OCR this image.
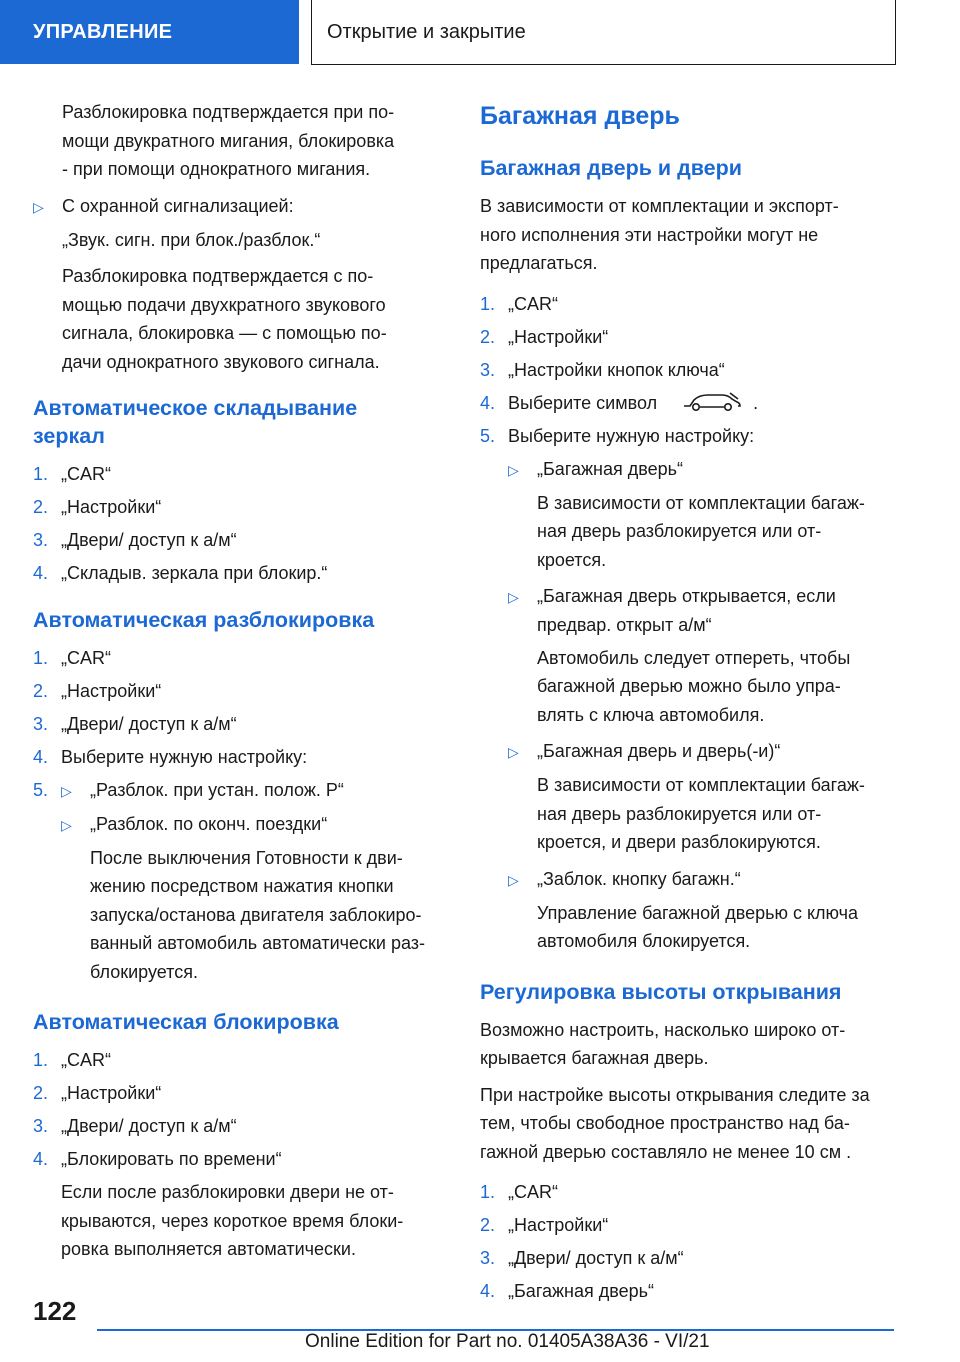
УПРАВЛЕНИЕ	Открытие и закрытие
Разблокировка подтверждается при по-
мощи двукратного мигания, блокировка
- при помощи однократного мигания.
▷	С охранной сигнализацией:
„Звук. сигн. при блок./разблок.“
Разблокировка подтверждается с по-
мощью подачи двухкратного звукового
сигнала, блокировка — с помощью по-
дачи однократного звукового сигнала.
Автоматическое складывание
зеркал
1. „CAR“
2. „Настройки“
3. „Двери/ доступ к а/м“
4. „Складыв. зеркала при блокир.“
Автоматическая разблокировка
1. „CAR“
2. „Настройки“
3. „Двери/ доступ к а/м“
4. Выберите нужную настройку:
5. ▷	„Разблок. при устан. полож. P“
▷	„Разблок. по оконч. поездки“
После выключения Готовности к дви-
жению посредством нажатия кнопки
запуска/останова двигателя заблокиро-
ванный автомобиль автоматически раз-
блокируется.
Автоматическая блокировка
1. „CAR“
2. „Настройки“
3. „Двери/ доступ к а/м“
4. „Блокировать по времени“
Если после разблокировки двери не от-
крываются, через короткое время блоки-
ровка выполняется автоматически.
Багажная дверь
Багажная дверь и двери
В зависимости от комплектации и экспорт-
ного исполнения эти настройки могут не
предлагаться.
1. „CAR“
2. „Настройки“
3. „Настройки кнопок ключа“
4. Выберите символ	.
5. Выберите нужную настройку:
▷	„Багажная дверь“
В зависимости от комплектации багаж-
ная дверь разблокируется или от-
кроется.
▷	„Багажная дверь открывается, если
предвар. открыт а/м“
Автомобиль следует отпереть, чтобы
багажной дверью можно было упра-
влять с ключа автомобиля.
▷	„Багажная дверь и дверь(-и)“
В зависимости от комплектации багаж-
ная дверь разблокируется или от-
кроется, и двери разблокируются.
▷	„Заблок. кнопку багажн.“
Управление багажной дверью с ключа
автомобиля блокируется.
Регулировка высоты открывания
Возможно настроить, насколько широко от-
крывается багажная дверь.
При настройке высоты открывания следите за
тем, чтобы свободное пространство над ба-
гажной дверью составляло не менее 10 см .
1. „CAR“
2. „Настройки“
3. „Двери/ доступ к а/м“
4. „Багажная дверь“
122
Online Edition for Part no. 01405A38A36 - VI/21
